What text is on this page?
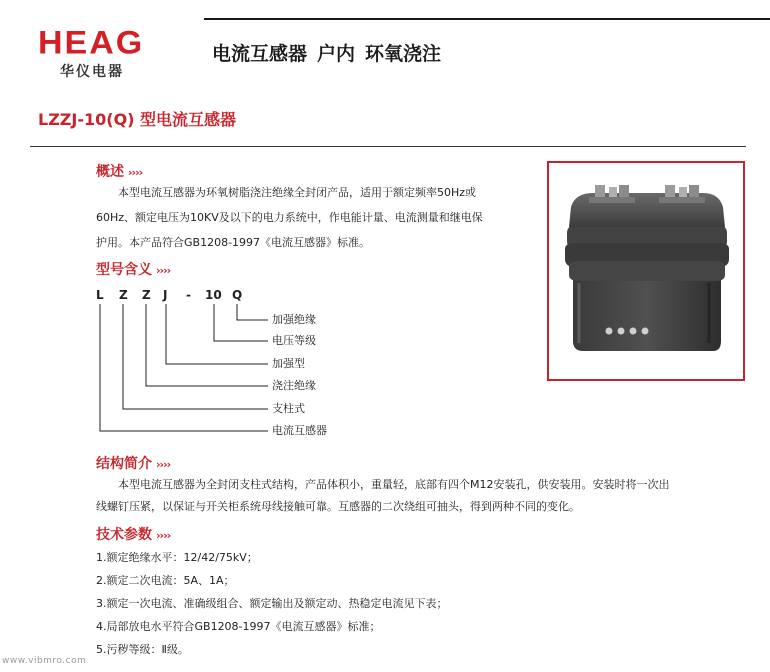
HEAG
华仪电器
电流互感器 户内 环氧浇注
LZZJ-10(Q) 型电流互感器
概述 ››››
本型电流互感器为环氧树脂浇注绝缘全封闭产品，适用于额定频率50Hz或
60Hz、额定电压为10KV及以下的电力系统中，作电能计量、电流测量和继电保
护用。本产品符合GB1208-1997《电流互感器》标准。
型号含义 ››››
L Z Z J - 10 Q
加强绝缘
电压等级
加强型
浇注绝缘
支柱式
电流互感器
结构简介 ››››
本型电流互感器为全封闭支柱式结构，产品体积小，重量轻，底部有四个M12安装孔，供安装用。安装时将一次出
线螺钉压紧，以保证与开关柜系统母线接触可靠。互感器的二次绕组可抽头，得到两种不同的变化。
技术参数 ››››
1.额定绝缘水平：12/42/75kV；
2.额定二次电流：5A、1A；
3.额定一次电流、准确级组合、额定输出及额定动、热稳定电流见下表；
4.局部放电水平符合GB1208-1997《电流互感器》标准；
5.污秽等级：Ⅱ级。
www.vibmro.com
